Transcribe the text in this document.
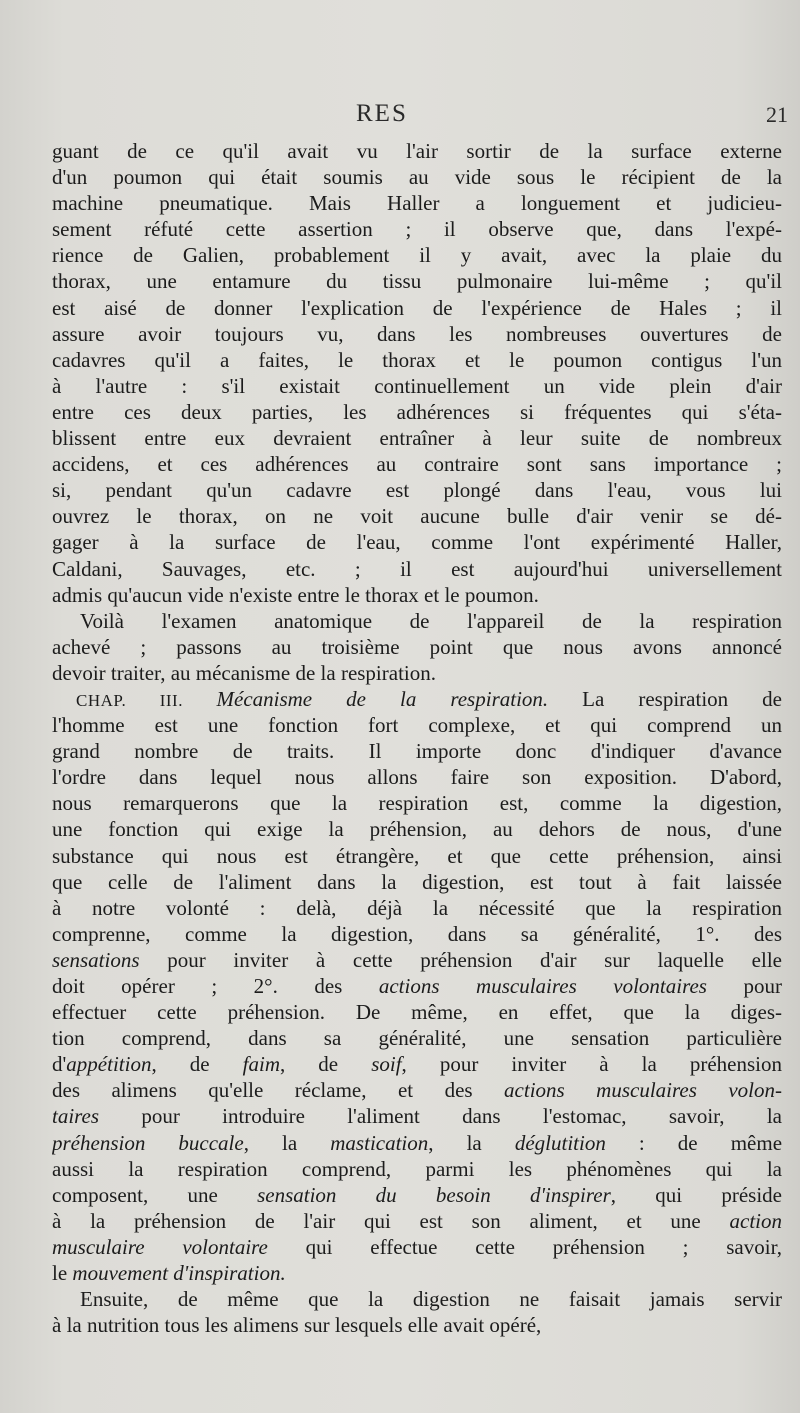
RES	21
guant de ce qu'il avait vu l'air sortir de la surface externe
d'un poumon qui était soumis au vide sous le récipient de la
machine pneumatique. Mais Haller a longuement et judicieu-
sement réfuté cette assertion ; il observe que, dans l'expé-
rience de Galien, probablement il y avait, avec la plaie du
thorax, une entamure du tissu pulmonaire lui-même ; qu'il
est aisé de donner l'explication de l'expérience de Hales ; il
assure avoir toujours vu, dans les nombreuses ouvertures de
cadavres qu'il a faites, le thorax et le poumon contigus l'un
à l'autre : s'il existait continuellement un vide plein d'air
entre ces deux parties, les adhérences si fréquentes qui s'éta-
blissent entre eux devraient entraîner à leur suite de nombreux
accidens, et ces adhérences au contraire sont sans importance ;
si, pendant qu'un cadavre est plongé dans l'eau, vous lui
ouvrez le thorax, on ne voit aucune bulle d'air venir se dé-
gager à la surface de l'eau, comme l'ont expérimenté Haller,
Caldani, Sauvages, etc. ; il est aujourd'hui universellement
admis qu'aucun vide n'existe entre le thorax et le poumon.
Voilà l'examen anatomique de l'appareil de la respiration
achevé ; passons au troisième point que nous avons annoncé
devoir traiter, au mécanisme de la respiration.
CHAP. III. Mécanisme de la respiration. La respiration de
l'homme est une fonction fort complexe, et qui comprend un
grand nombre de traits. Il importe donc d'indiquer d'avance
l'ordre dans lequel nous allons faire son exposition. D'abord,
nous remarquerons que la respiration est, comme la digestion,
une fonction qui exige la préhension, au dehors de nous, d'une
substance qui nous est étrangère, et que cette préhension, ainsi
que celle de l'aliment dans la digestion, est tout à fait laissée
à notre volonté : delà, déjà la nécessité que la respiration
comprenne, comme la digestion, dans sa généralité, 1°. des
sensations pour inviter à cette préhension d'air sur laquelle elle
doit opérer ; 2°. des actions musculaires volontaires pour
effectuer cette préhension. De même, en effet, que la diges-
tion comprend, dans sa généralité, une sensation particulière
d'appétition, de faim, de soif, pour inviter à la préhension
des alimens qu'elle réclame, et des actions musculaires volon-
taires pour introduire l'aliment dans l'estomac, savoir, la
préhension buccale, la mastication, la déglutition : de même
aussi la respiration comprend, parmi les phénomènes qui la
composent, une sensation du besoin d'inspirer, qui préside
à la préhension de l'air qui est son aliment, et une action
musculaire volontaire qui effectue cette préhension ; savoir,
le mouvement d'inspiration.
Ensuite, de même que la digestion ne faisait jamais servir
à la nutrition tous les alimens sur lesquels elle avait opéré,
